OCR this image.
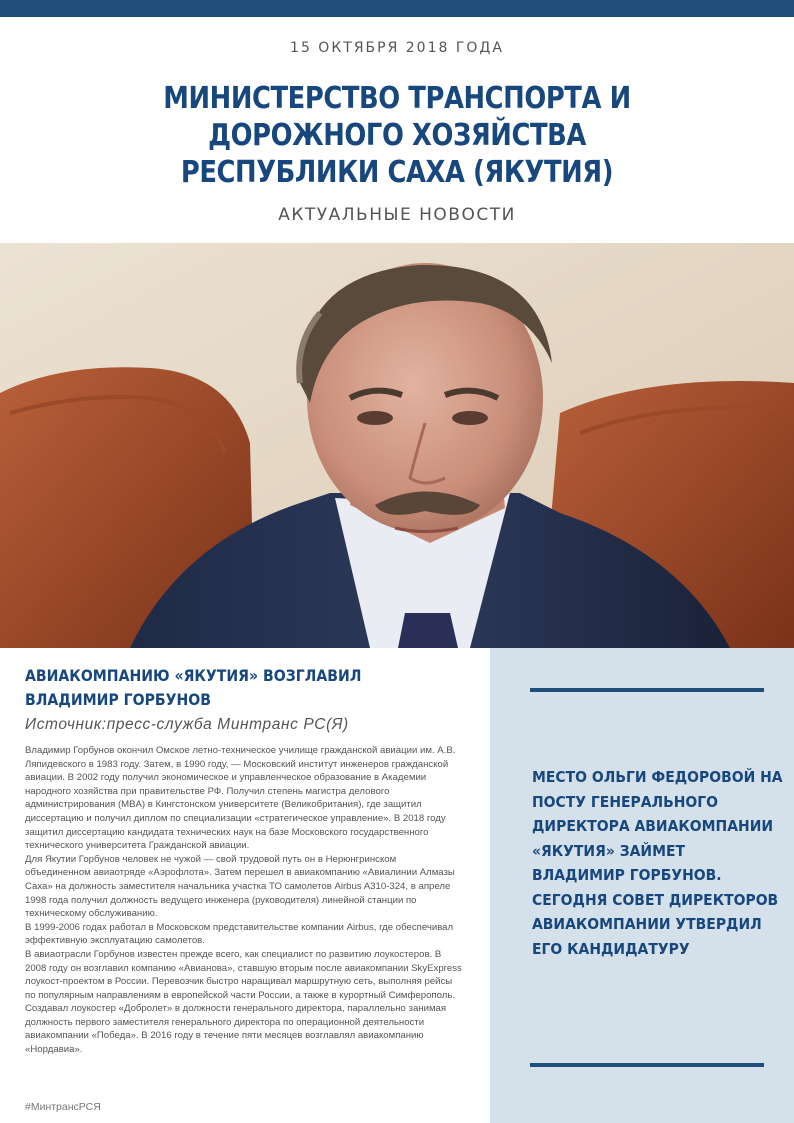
15 ОКТЯБРЯ 2018 ГОДА
МИНИСТЕРСТВО ТРАНСПОРТА И
ДОРОЖНОГО ХОЗЯЙСТВА
РЕСПУБЛИКИ САХА (ЯКУТИЯ)
АКТУАЛЬНЫЕ НОВОСТИ
МЕСТО ОЛЬГИ ФЕДОРОВОЙ НА
ПОСТУ ГЕНЕРАЛЬНОГО
ДИРЕКТОРА АВИАКОМПАНИИ
«ЯКУТИЯ» ЗАЙМЕТ
ВЛАДИМИР ГОРБУНОВ.
СЕГОДНЯ СОВЕТ ДИРЕКТОРОВ
АВИАКОМПАНИИ УТВЕРДИЛ
ЕГО КАНДИДАТУРУ
АВИАКОМПАНИЮ «ЯКУТИЯ» ВОЗГЛАВИЛ
ВЛАДИМИР ГОРБУНОВ
Источник:пресс-служба Минтранс РС(Я)

Владимир Горбунов окончил Омское летно-техническое училище гражданской авиации им. А.В. Ляпидевского в 1983 году. Затем, в 1990 году, — Московский институт инженеров гражданской авиации. В 2002 году получил экономическое и управленческое образование в Академии народного хозяйства при правительстве РФ. Получил степень магистра делового администрирования (MBA) в Кингстонском университете (Великобритания), где защитил диссертацию и получил диплом по специализации «стратегическое управление». В 2018 году защитил диссертацию кандидата технических наук на базе Московского государственного технического университета Гражданской авиации.

Для Якутии Горбунов человек не чужой — свой трудовой путь он в Нерюнгринском объединенном авиаотряде «Аэрофлота». Затем перешел в авиакомпанию «Авиалинии Алмазы Саха» на должность заместителя начальника участка ТО самолетов Airbus A310-324, в апреле 1998 года получил должность ведущего инженера (руководителя) линейной станции по техническому обслуживанию.

В 1999-2006 годах работал в Московском представительстве компании Airbus, где обеспечивал эффективную эксплуатацию самолетов.

В авиаотрасли Горбунов известен прежде всего, как специалист по развитию лоукостеров. В 2008 году он возглавил компанию «Авианова», ставшую вторым после авиакомпании SkyExpress лоукост-проектом в России. Перевозчик быстро наращивал маршрутную сеть, выполняя рейсы по популярным направлениям в европейской части России, а также в курортный Симферополь.

Создавал лоукостер «Добролет» в должности генерального директора, параллельно занимая должность первого заместителя генерального директора по операционной деятельности авиакомпании «Победа». В 2016 году в течение пяти месяцев возглавлял авиакомпанию «Нордавиа».

#МинтрансРСЯ
